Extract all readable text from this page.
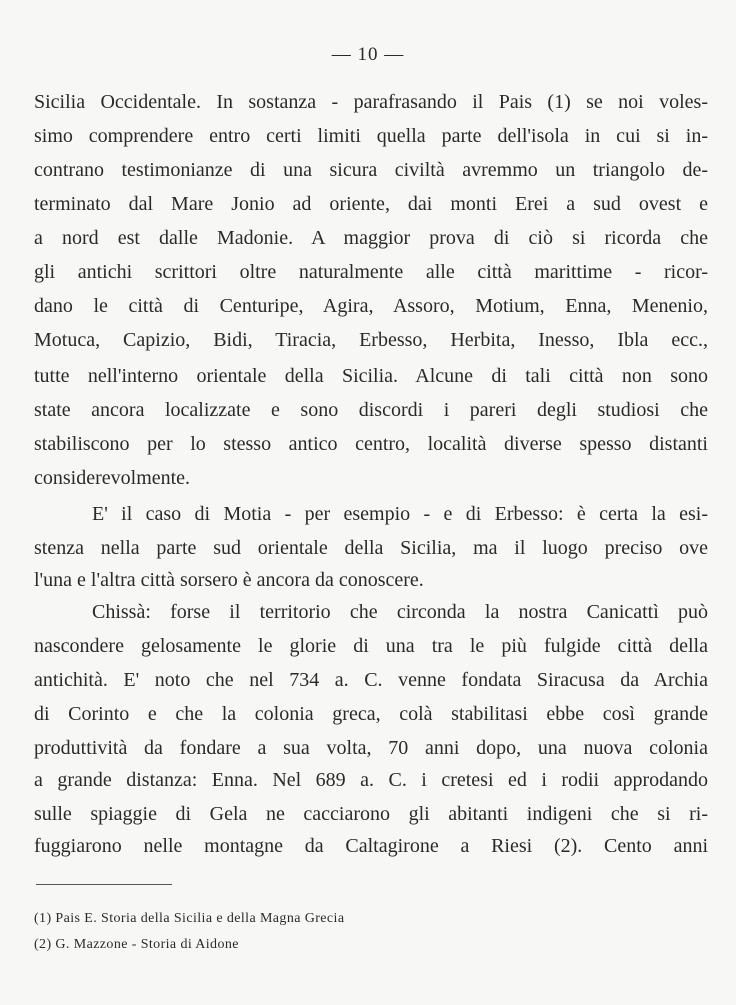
— 10 —
Sicilia Occidentale. In sostanza - parafrasando il Pais (1) se noi voles-
simo comprendere entro certi limiti quella parte dell'isola in cui si in-
contrano testimonianze di una sicura civiltà avremmo un triangolo de-
terminato dal Mare Jonio ad oriente, dai monti Erei a sud ovest e
a nord est dalle Madonie. A maggior prova di ciò si ricorda che
gli antichi scrittori oltre naturalmente alle città marittime - ricor-
dano le città di Centuripe, Agira, Assoro, Motium, Enna, Menenio,
Motuca, Capizio, Bidi, Tiracia, Erbesso, Herbita, Inesso, Ibla ecc.,
tutte nell'interno orientale della Sicilia. Alcune di tali città non sono
state ancora localizzate e sono discordi i pareri degli studiosi che
stabiliscono per lo stesso antico centro, località diverse spesso distanti
considerevolmente.
E' il caso di Motia - per esempio - e di Erbesso: è certa la esi-
stenza nella parte sud orientale della Sicilia, ma il luogo preciso ove
l'una e l'altra città sorsero è ancora da conoscere.
Chissà: forse il territorio che circonda la nostra Canicattì può
nascondere gelosamente le glorie di una tra le più fulgide città della
antichità. E' noto che nel 734 a. C. venne fondata Siracusa da Archia
di Corinto e che la colonia greca, colà stabilitasi ebbe così grande
produttività da fondare a sua volta, 70 anni dopo, una nuova colonia
a grande distanza: Enna. Nel 689 a. C. i cretesi ed i rodii approdando
sulle spiaggie di Gela ne cacciarono gli abitanti indigeni che si ri-
fuggiarono nelle montagne da Caltagirone a Riesi (2). Cento anni
(1) Pais E. Storia della Sicilia e della Magna Grecia
(2) G. Mazzone - Storia di Aidone
